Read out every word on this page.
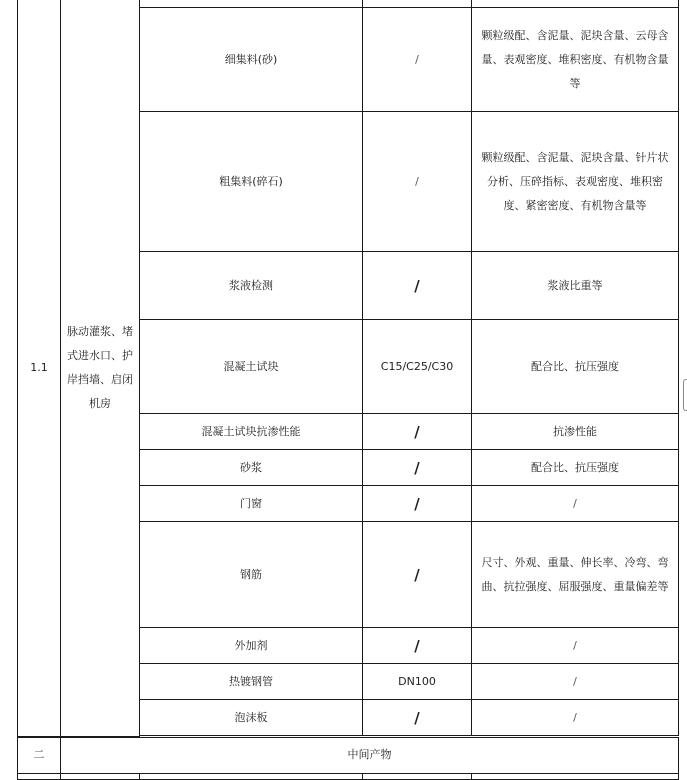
1.1	脉动灌浆、堵式进水口、护岸挡墙、启闭机房			
		细集料(砂)	/	颗粒级配、含泥量、泥块含量、云母含量、表观密度、堆积密度、有机物含量等
		粗集料(碎石)	/	颗粒级配、含泥量、泥块含量、针片状分析、压碎指标、表观密度、堆积密度、紧密密度、有机物含量等
		浆液检测	/	浆液比重等
		混凝土试块	C15/C25/C30	配合比、抗压强度
		混凝土试块抗渗性能	/	抗渗性能
		砂浆	/	配合比、抗压强度
		门窗	/	/
		钢筋	/	尺寸、外观、重量、伸长率、冷弯、弯曲、抗拉强度、屈服强度、重量偏差等
		外加剂	/	/
		热镀钢管	DN100	/
		泡沫板	/	/

二	中间产物			
